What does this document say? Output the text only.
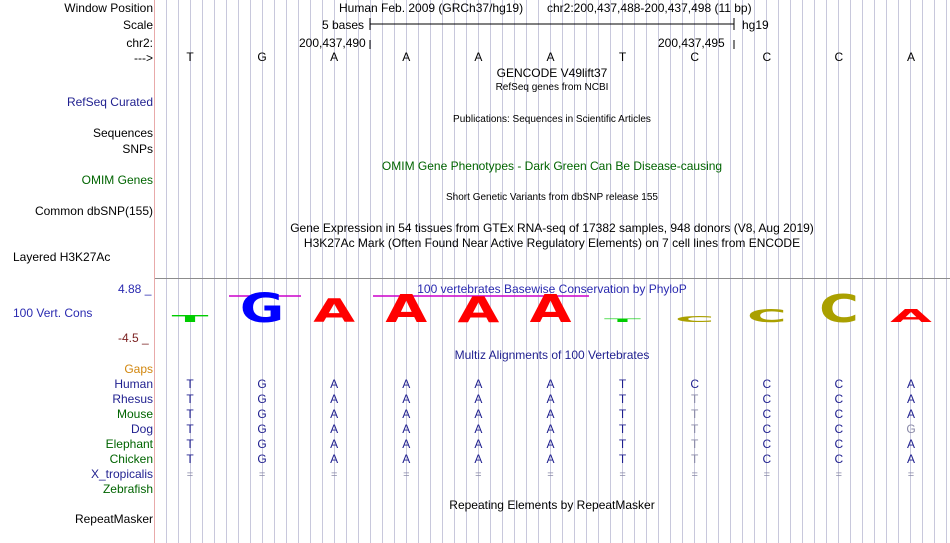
Window Position
Scale
chr2:
--->
Human Feb. 2009 (GRCh37/hg19) chr2:200,437,488-200,437,498 (11 bp)
5 bases	hg19
200,437,490	200,437,495
T	G	A	A	A	A	T	C	C	C	A
GENCODE V49lift37
RefSeq genes from NCBI
RefSeq Curated
Publications: Sequences in Scientific Articles
Sequences
SNPs
OMIM Gene Phenotypes - Dark Green Can Be Disease-causing
OMIM Genes
Short Genetic Variants from dbSNP release 155
Common dbSNP(155)
Gene Expression in 54 tissues from GTEx RNA-seq of 17382 samples, 948 donors (V8, Aug 2019)
H3K27Ac Mark (Often Found Near Active Regulatory Elements) on 7 cell lines from ENCODE
Layered H3K27Ac
4.88 _
100 Vert. Cons
-4.5 _
100 vertebrates Basewise Conservation by PhyloP
T G A A A A T C C C A
Multiz Alignments of 100 Vertebrates
Gaps
Human	T	G	A	A	A	A	T	C	C	C	A
Rhesus	T	G	A	A	A	A	T	T	C	C	A
Mouse	T	G	A	A	A	A	T	T	C	C	A
Dog	T	G	A	A	A	A	T	T	C	C	G
Elephant	T	G	A	A	A	A	T	T	C	C	A
Chicken	T	G	A	A	A	A	T	T	C	C	A
X_tropicalis	=	=	=	=	=	=	=	=	=	=	=
Zebrafish
Repeating Elements by RepeatMasker
RepeatMasker
